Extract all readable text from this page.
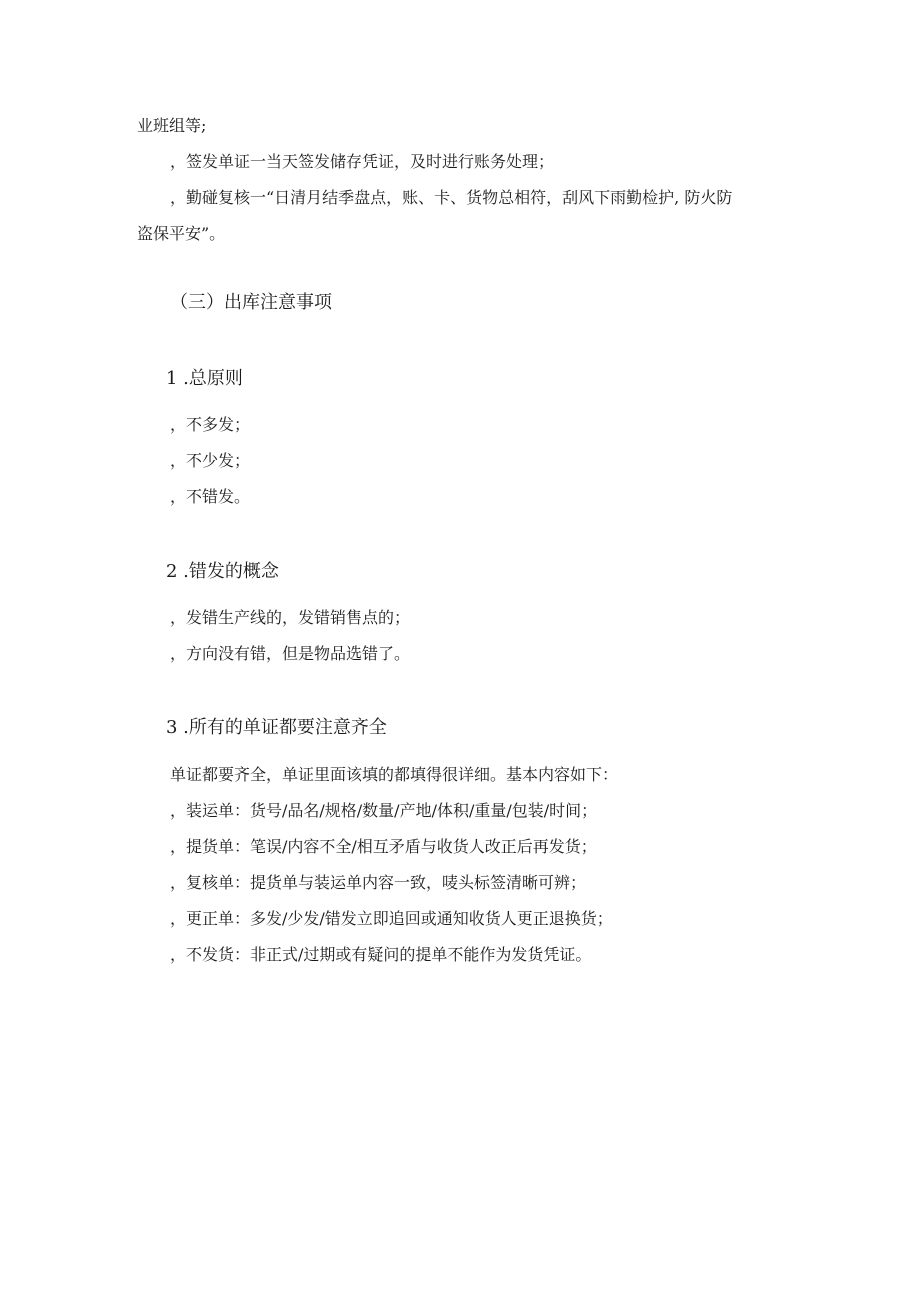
业班组等;
，签发单证一当天签发储存凭证，及时进行账务处理；
，勤碰复核一“日清月结季盘点，账、卡、货物总相符，刮风下雨勤检护, 防火防
盗保平安”。
（三）出库注意事项
1 .总原则
，不多发；
，不少发；
，不错发。
2 .错发的概念
，发错生产线的，发错销售点的；
，方向没有错，但是物品选错了。
3 .所有的单证都要注意齐全
单证都要齐全，单证里面该填的都填得很详细。基本内容如下：
，装运单：货号/品名/规格/数量/产地/体积/重量/包装/时间；
，提货单：笔误/内容不全/相互矛盾与收货人改正后再发货；
，复核单：提货单与装运单内容一致，唛头标签清晰可辨；
，更正单：多发/少发/错发立即追回或通知收货人更正退换货；
，不发货：非正式/过期或有疑问的提单不能作为发货凭证。
